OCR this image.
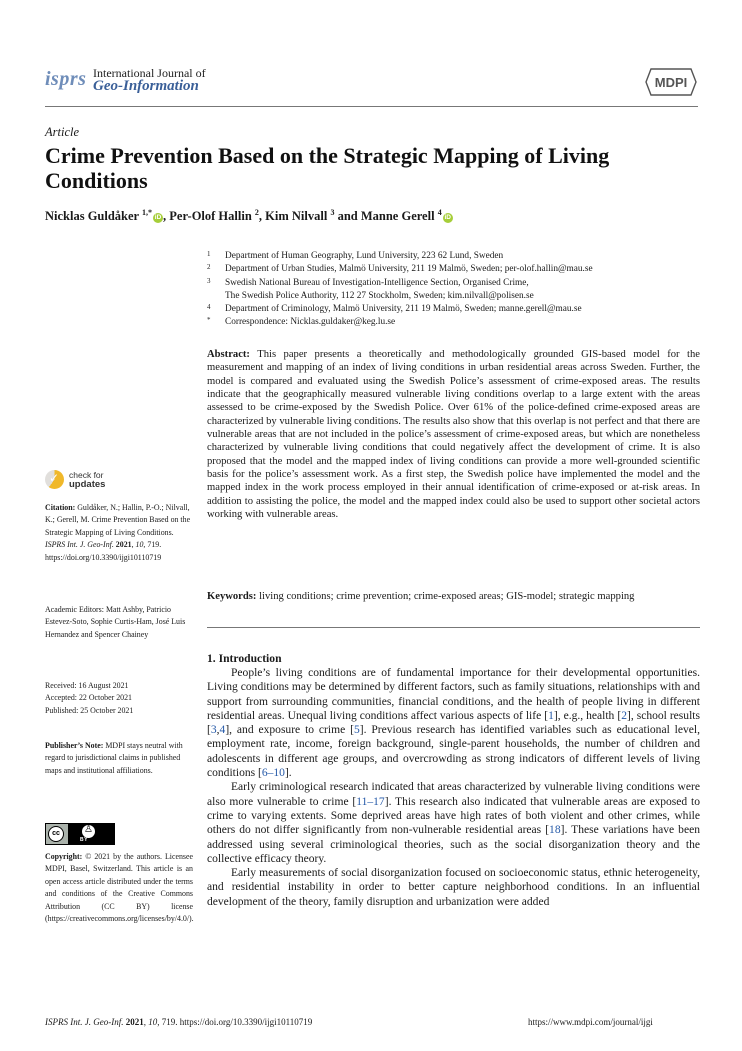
isprs International Journal of
Geo-Information	MDPI
Article
Crime Prevention Based on the Strategic Mapping of Living Conditions
Nicklas Guldåker $^{1,*}$iD , Per-Olof Hallin $^2$, Kim Nilvall $^3$ and Manne Gerell $^4$iD
1 Department of Human Geography, Lund University, 223 62 Lund, Sweden
2 Department of Urban Studies, Malmö University, 211 19 Malmö, Sweden; per-olof.hallin@mau.se
3 Swedish National Bureau of Investigation-Intelligence Section, Organised Crime,
The Swedish Police Authority, 112 27 Stockholm, Sweden; kim.nilvall@polisen.se
4 Department of Criminology, Malmö University, 211 19 Malmö, Sweden; manne.gerell@mau.se
* Correspondence: Nicklas.guldaker@keg.lu.se
Abstract: This paper presents a theoretically and methodologically grounded GIS-based model for the measurement and mapping of an index of living conditions in urban residential areas across Sweden. Further, the model is compared and evaluated using the Swedish Police’s assessment of crime-exposed areas. The results indicate that the geographically measured vulnerable living conditions overlap to a large extent with the areas assessed to be crime-exposed by the Swedish Police. Over 61% of the police-defined crime-exposed areas are characterized by vulnerable living conditions. The results also show that this overlap is not perfect and that there are vulnerable areas that are not included in the police’s assessment of crime-exposed areas, but which are nonetheless characterized by vulnerable living conditions that could negatively affect the development of crime. It is also proposed that the model and the mapped index of living conditions can provide a more well-grounded scientific basis for the police’s assessment work. As a first step, the Swedish police have implemented the model and the mapped index in the work process employed in their annual identification of crime-exposed or at-risk areas. In addition to assisting the police, the model and the mapped index could also be used to support other societal actors working with vulnerable areas.
Keywords: living conditions; crime prevention; crime-exposed areas; GIS-model; strategic mapping
✓ check for
updates
Citation: Guldåker, N.; Hallin, P.-O.; Nilvall, K.; Gerell, M. Crime Prevention Based on the Strategic Mapping of Living Conditions. ISPRS Int. J. Geo-Inf. 2021, 10, 719. https://doi.org/10.3390/ijgi10110719
Academic Editors: Matt Ashby, Patricio Estevez-Soto, Sophie Curtis-Ham, José Luis Hernandez and Spencer Chainey
Received: 16 August 2021
Accepted: 22 October 2021
Published: 25 October 2021
Publisher’s Note: MDPI stays neutral with regard to jurisdictional claims in published maps and institutional affiliations.
cc	♙
BY
Copyright: © 2021 by the authors. Licensee MDPI, Basel, Switzerland. This article is an open access article distributed under the terms and conditions of the Creative Commons Attribution (CC BY) license (https://creativecommons.org/licenses/by/4.0/).
1. Introduction

People’s living conditions are of fundamental importance for their developmental opportunities. Living conditions may be determined by different factors, such as family situations, relationships with and support from surrounding communities, financial conditions, and the health of people living in different residential areas. Unequal living conditions affect various aspects of life [1], e.g., health [2], school results [3,4], and exposure to crime [5]. Previous research has identified variables such as educational level, employment rate, income, foreign background, single-parent households, the number of children and adolescents in different age groups, and overcrowding as strong indicators of different levels of living conditions [6–10].

Early criminological research indicated that areas characterized by vulnerable living conditions were also more vulnerable to crime [11–17]. This research also indicated that vulnerable areas are exposed to crime to varying extents. Some deprived areas have high rates of both violent and other crimes, while others do not differ significantly from non-vulnerable residential areas [18]. These variations have been addressed using several criminological theories, such as the social disorganization theory and the collective efficacy theory.

Early measurements of social disorganization focused on socioeconomic status, ethnic heterogeneity, and residential instability in order to better capture neighborhood conditions. In an influential development of the theory, family disruption and urbanization were added

ISPRS Int. J. Geo-Inf. 2021, 10, 719. https://doi.org/10.3390/ijgi10110719	https://www.mdpi.com/journal/ijgi
